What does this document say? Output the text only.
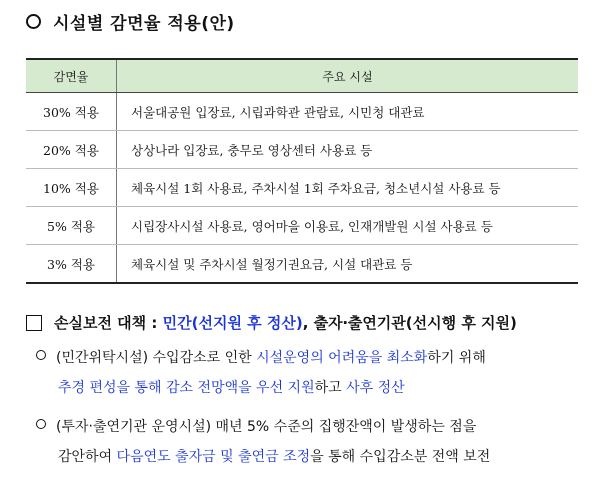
시설별 감면율 적용(안)
감면율	주요 시설
30% 적용	서울대공원 입장료, 시립과학관 관람료, 시민청 대관료
20% 적용	상상나라 입장료, 충무로 영상센터 사용료 등
10% 적용	체육시설 1회 사용료, 주차시설 1회 주차요금, 청소년시설 사용료 등
5% 적용	시립장사시설 사용료, 영어마을 이용료, 인재개발원 시설 사용료 등
3% 적용	체육시설 및 주차시설 월정기권요금, 시설 대관료 등
손실보전 대책 :
민간(선지원 후 정산) , 출자‧출연기관 (선시행 후 지원)
(민간위탁시설) 수입감소로 인한 시설운영의 어려움을 최소화하기 위해
추경 편성을 통해 감소 전망액을 우선 지원하고 사후 정산
(투자‧출연기관 운영시설) 매년 5% 수준의 집행잔액이 발생하는 점을
감안하여 다음연도 출자금 및 출연금 조정을 통해 수입감소분 전액 보전
